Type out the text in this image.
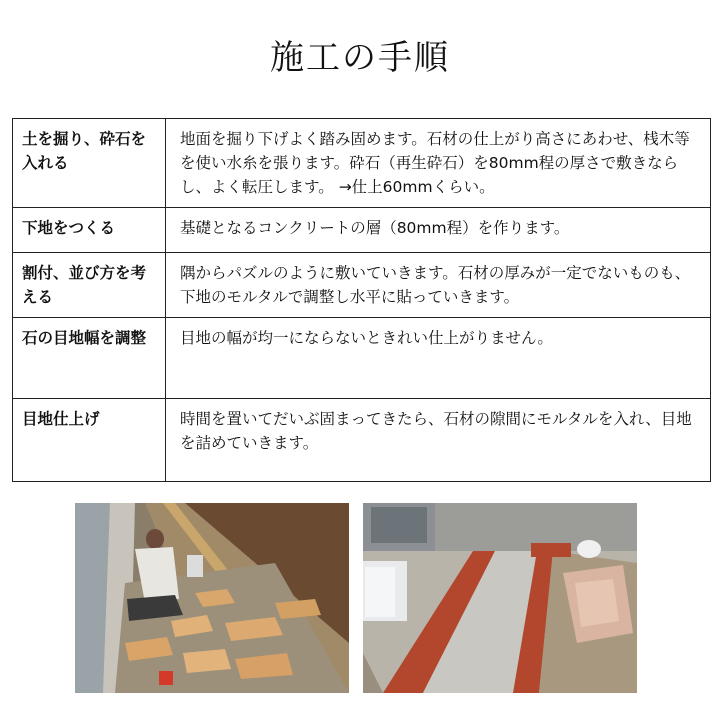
施工の手順
土を掘り、砕石を入れる	地面を掘り下げよく踏み固めます。石材の仕上がり高さにあわせ、桟木等を使い水糸を張ります。砕石（再生砕石）を80mm程の厚さで敷きならし、よく転圧します。 →仕上60mmくらい。
下地をつくる	基礎となるコンクリートの層（80mm程）を作ります。
割付、並び方を考える	隅からパズルのように敷いていきます。石材の厚みが一定でないものも、下地のモルタルで調整し水平に貼っていきます。
石の目地幅を調整	目地の幅が均一にならないときれい仕上がりません。
目地仕上げ	時間を置いてだいぶ固まってきたら、石材の隙間にモルタルを入れ、目地を詰めていきます。
